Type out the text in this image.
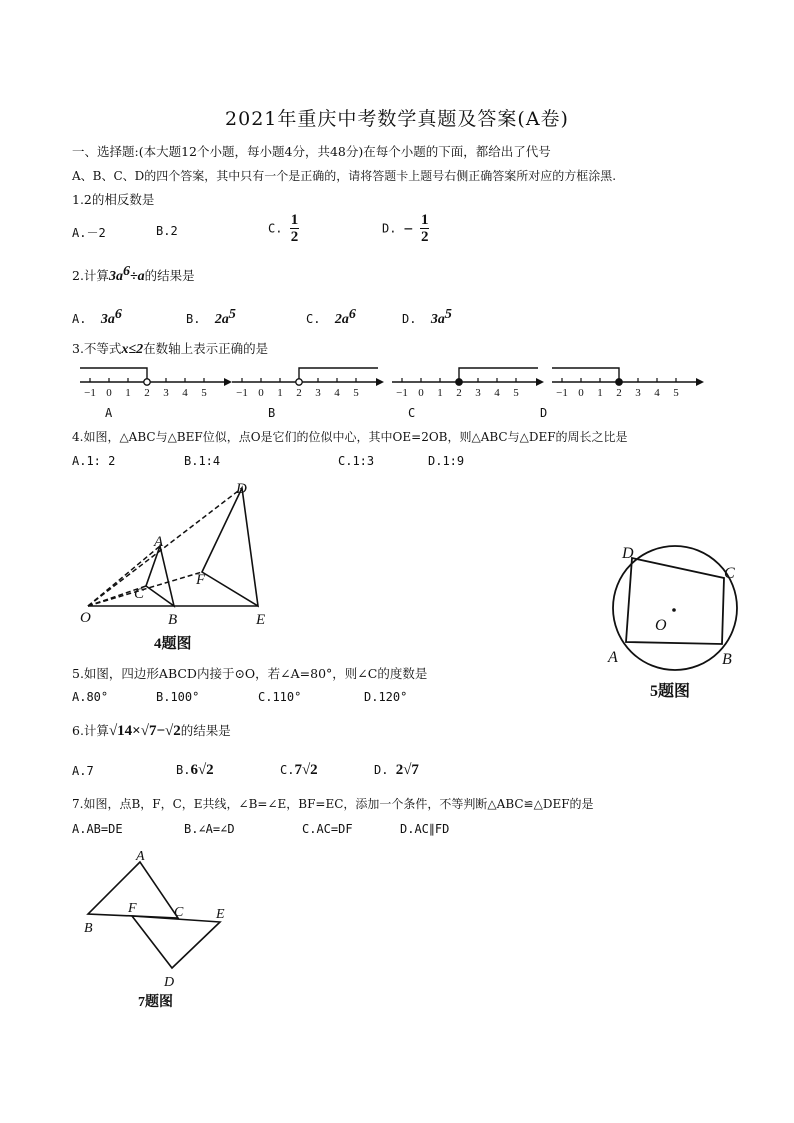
2021年重庆中考数学真题及答案(A卷)
一、选择题:(本大题12个小题，每小题4分，共48分)在每个小题的下面，都给出了代号
A、B、C、D的四个答案，其中只有一个是正确的，请将答题卡上题号右侧正确答案所对应的方框涂黑.
1.2的相反数是
A.－2	B.2	C. $\frac{1}{2}$	D. − $\frac{1}{2}$
2.计算$3a^6\div a$的结果是
A. $3a^6$	B. $2a^5$	C. $2a^6$	D. $3a^5$
3.不等式x≤2在数轴上表示正确的是
−1 0 1 2 3 4 5	−1 0 1 2 3 4 5	−1 0 1 2 3 4 5	−1 0 1 2 3 4 5
A	B	C	D
4.如图，△ABC与△BEF位似，点O是它们的位似中心，其中OE=2OB，则△ABC与△DEF的周长之比是
A.1: 2	B.1:4	C.1:3	D.1:9
D
A
F
C
O	B	E
4题图
D
C
O
A	B
5题图
5.如图，四边形ABCD内接于⊙O，若∠A=80°，则∠C的度数是
A.80°	B.100°	C.110°	D.120°
6.计算√14×√7−√2的结果是
A.7	B.6√2	C.7√2	D. 2√7
7.如图，点B，F，C，E共线，∠B=∠E，BF=EC，添加一个条件，不等判断△ABC≌△DEF的是
A.AB=DE	B.∠A=∠D	C.AC=DF	D.AC∥FD
A
F	C E
B
D
7题图
